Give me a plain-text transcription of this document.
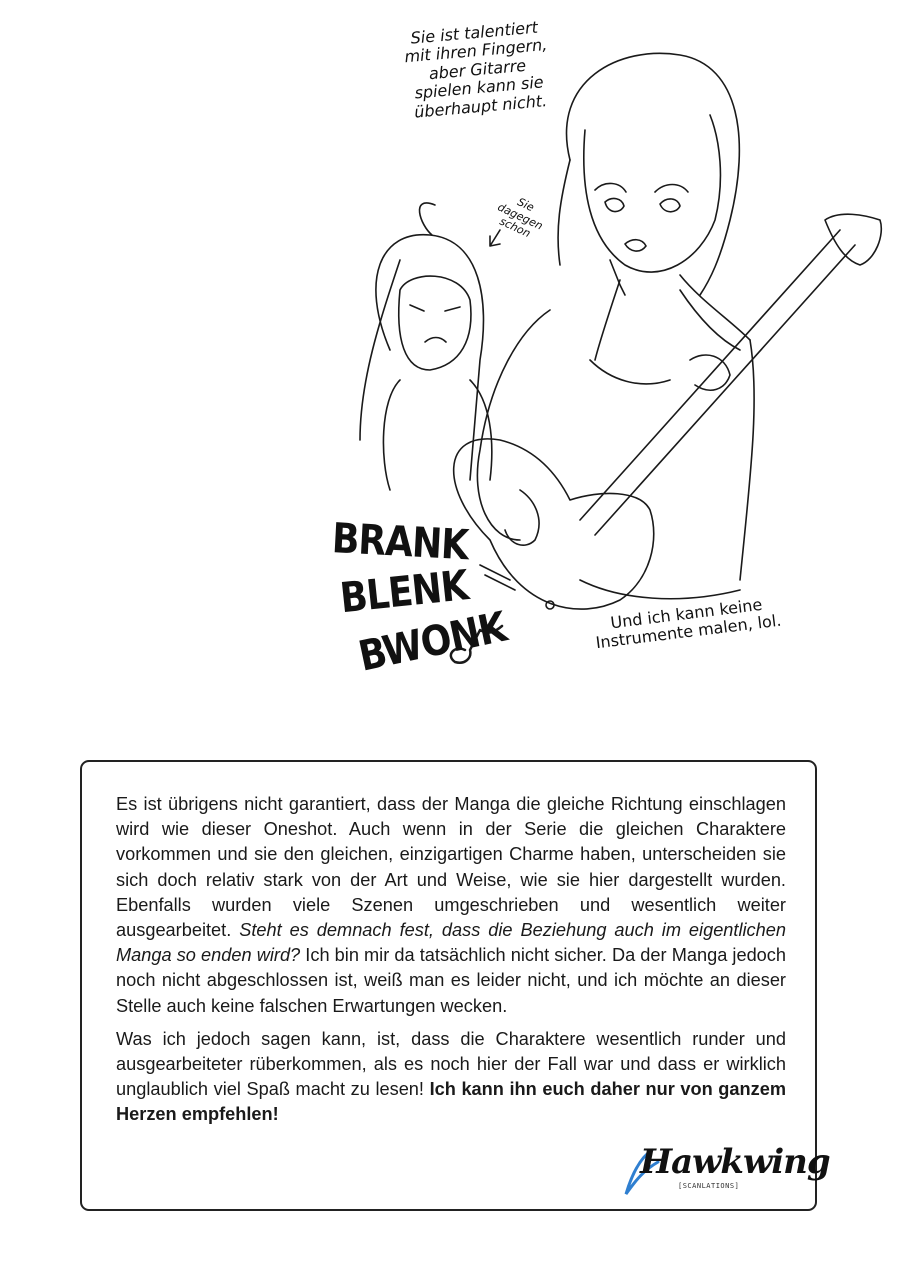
Sie ist talentiert mit ihren Fingern, aber Gitarre spielen kann sie überhaupt nicht.
Sie dagegen schon
Und ich kann keine Instrumente malen, lol.
BRANK
BLENK
BWONK

Es ist übrigens nicht garantiert, dass der Manga die gleiche Richtung einschlagen wird wie dieser Oneshot. Auch wenn in der Serie die gleichen Charaktere vorkommen und sie den gleichen, einzigartigen Charme haben, unterscheiden sie sich doch relativ stark von der Art und Weise, wie sie hier dargestellt wurden. Ebenfalls wurden viele Szenen umgeschrieben und wesentlich weiter ausgearbeitet. Steht es demnach fest, dass die Beziehung auch im eigentlichen Manga so enden wird? Ich bin mir da tatsächlich nicht sicher. Da der Manga jedoch noch nicht abgeschlossen ist, weiß man es leider nicht, und ich möchte an dieser Stelle auch keine falschen Erwartungen wecken.

Was ich jedoch sagen kann, ist, dass die Charaktere wesentlich runder und ausgearbeiteter rüberkommen, als es noch hier der Fall war und dass er wirklich unglaublich viel Spaß macht zu lesen! Ich kann ihn euch daher nur von ganzem Herzen empfehlen!

Hawkwing
[SCANLATIONS]
